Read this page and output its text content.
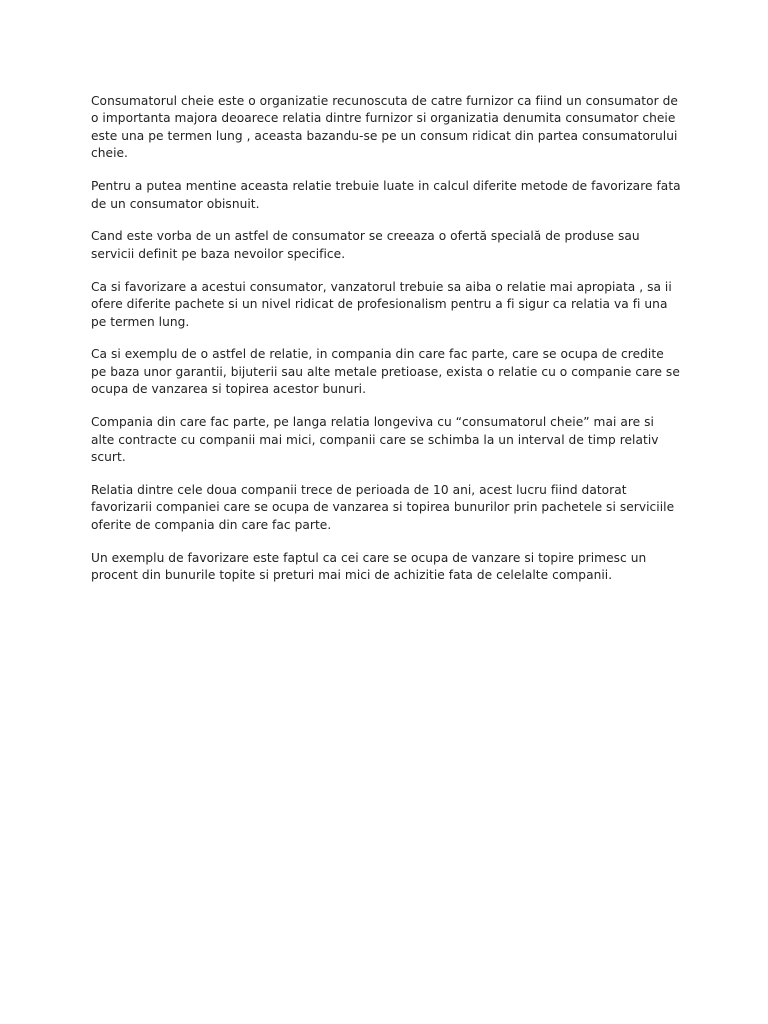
Consumatorul cheie este o organizatie recunoscuta de catre furnizor ca fiind un consumator de o importanta majora deoarece relatia dintre furnizor si organizatia denumita consumator cheie este una pe termen lung , aceasta bazandu-se pe un consum ridicat din partea consumatorului cheie.

Pentru a putea mentine aceasta relatie trebuie luate in calcul diferite metode de favorizare fata de un consumator obisnuit.

Cand este vorba de un astfel de consumator se creeaza o ofertă specială de produse sau servicii definit pe baza nevoilor specifice.

Ca si favorizare a acestui consumator, vanzatorul trebuie sa aiba o relatie mai apropiata , sa ii ofere diferite pachete si un nivel ridicat de profesionalism pentru a fi sigur ca relatia va fi una pe termen lung.

Ca si exemplu de o astfel de relatie, in compania din care fac parte, care se ocupa de credite pe baza unor garantii, bijuterii sau alte metale pretioase, exista o relatie cu o companie care se ocupa de vanzarea si topirea acestor bunuri.

Compania din care fac parte, pe langa relatia longeviva cu “consumatorul cheie” mai are si alte contracte cu companii mai mici, companii care se schimba la un interval de timp relativ scurt.

Relatia dintre cele doua companii trece de perioada de 10 ani, acest lucru fiind datorat favorizarii companiei care se ocupa de vanzarea si topirea bunurilor prin pachetele si serviciile oferite de compania din care fac parte.

Un exemplu de favorizare este faptul ca cei care se ocupa de vanzare si topire primesc un procent din bunurile topite si preturi mai mici de achizitie fata de celelalte companii.
